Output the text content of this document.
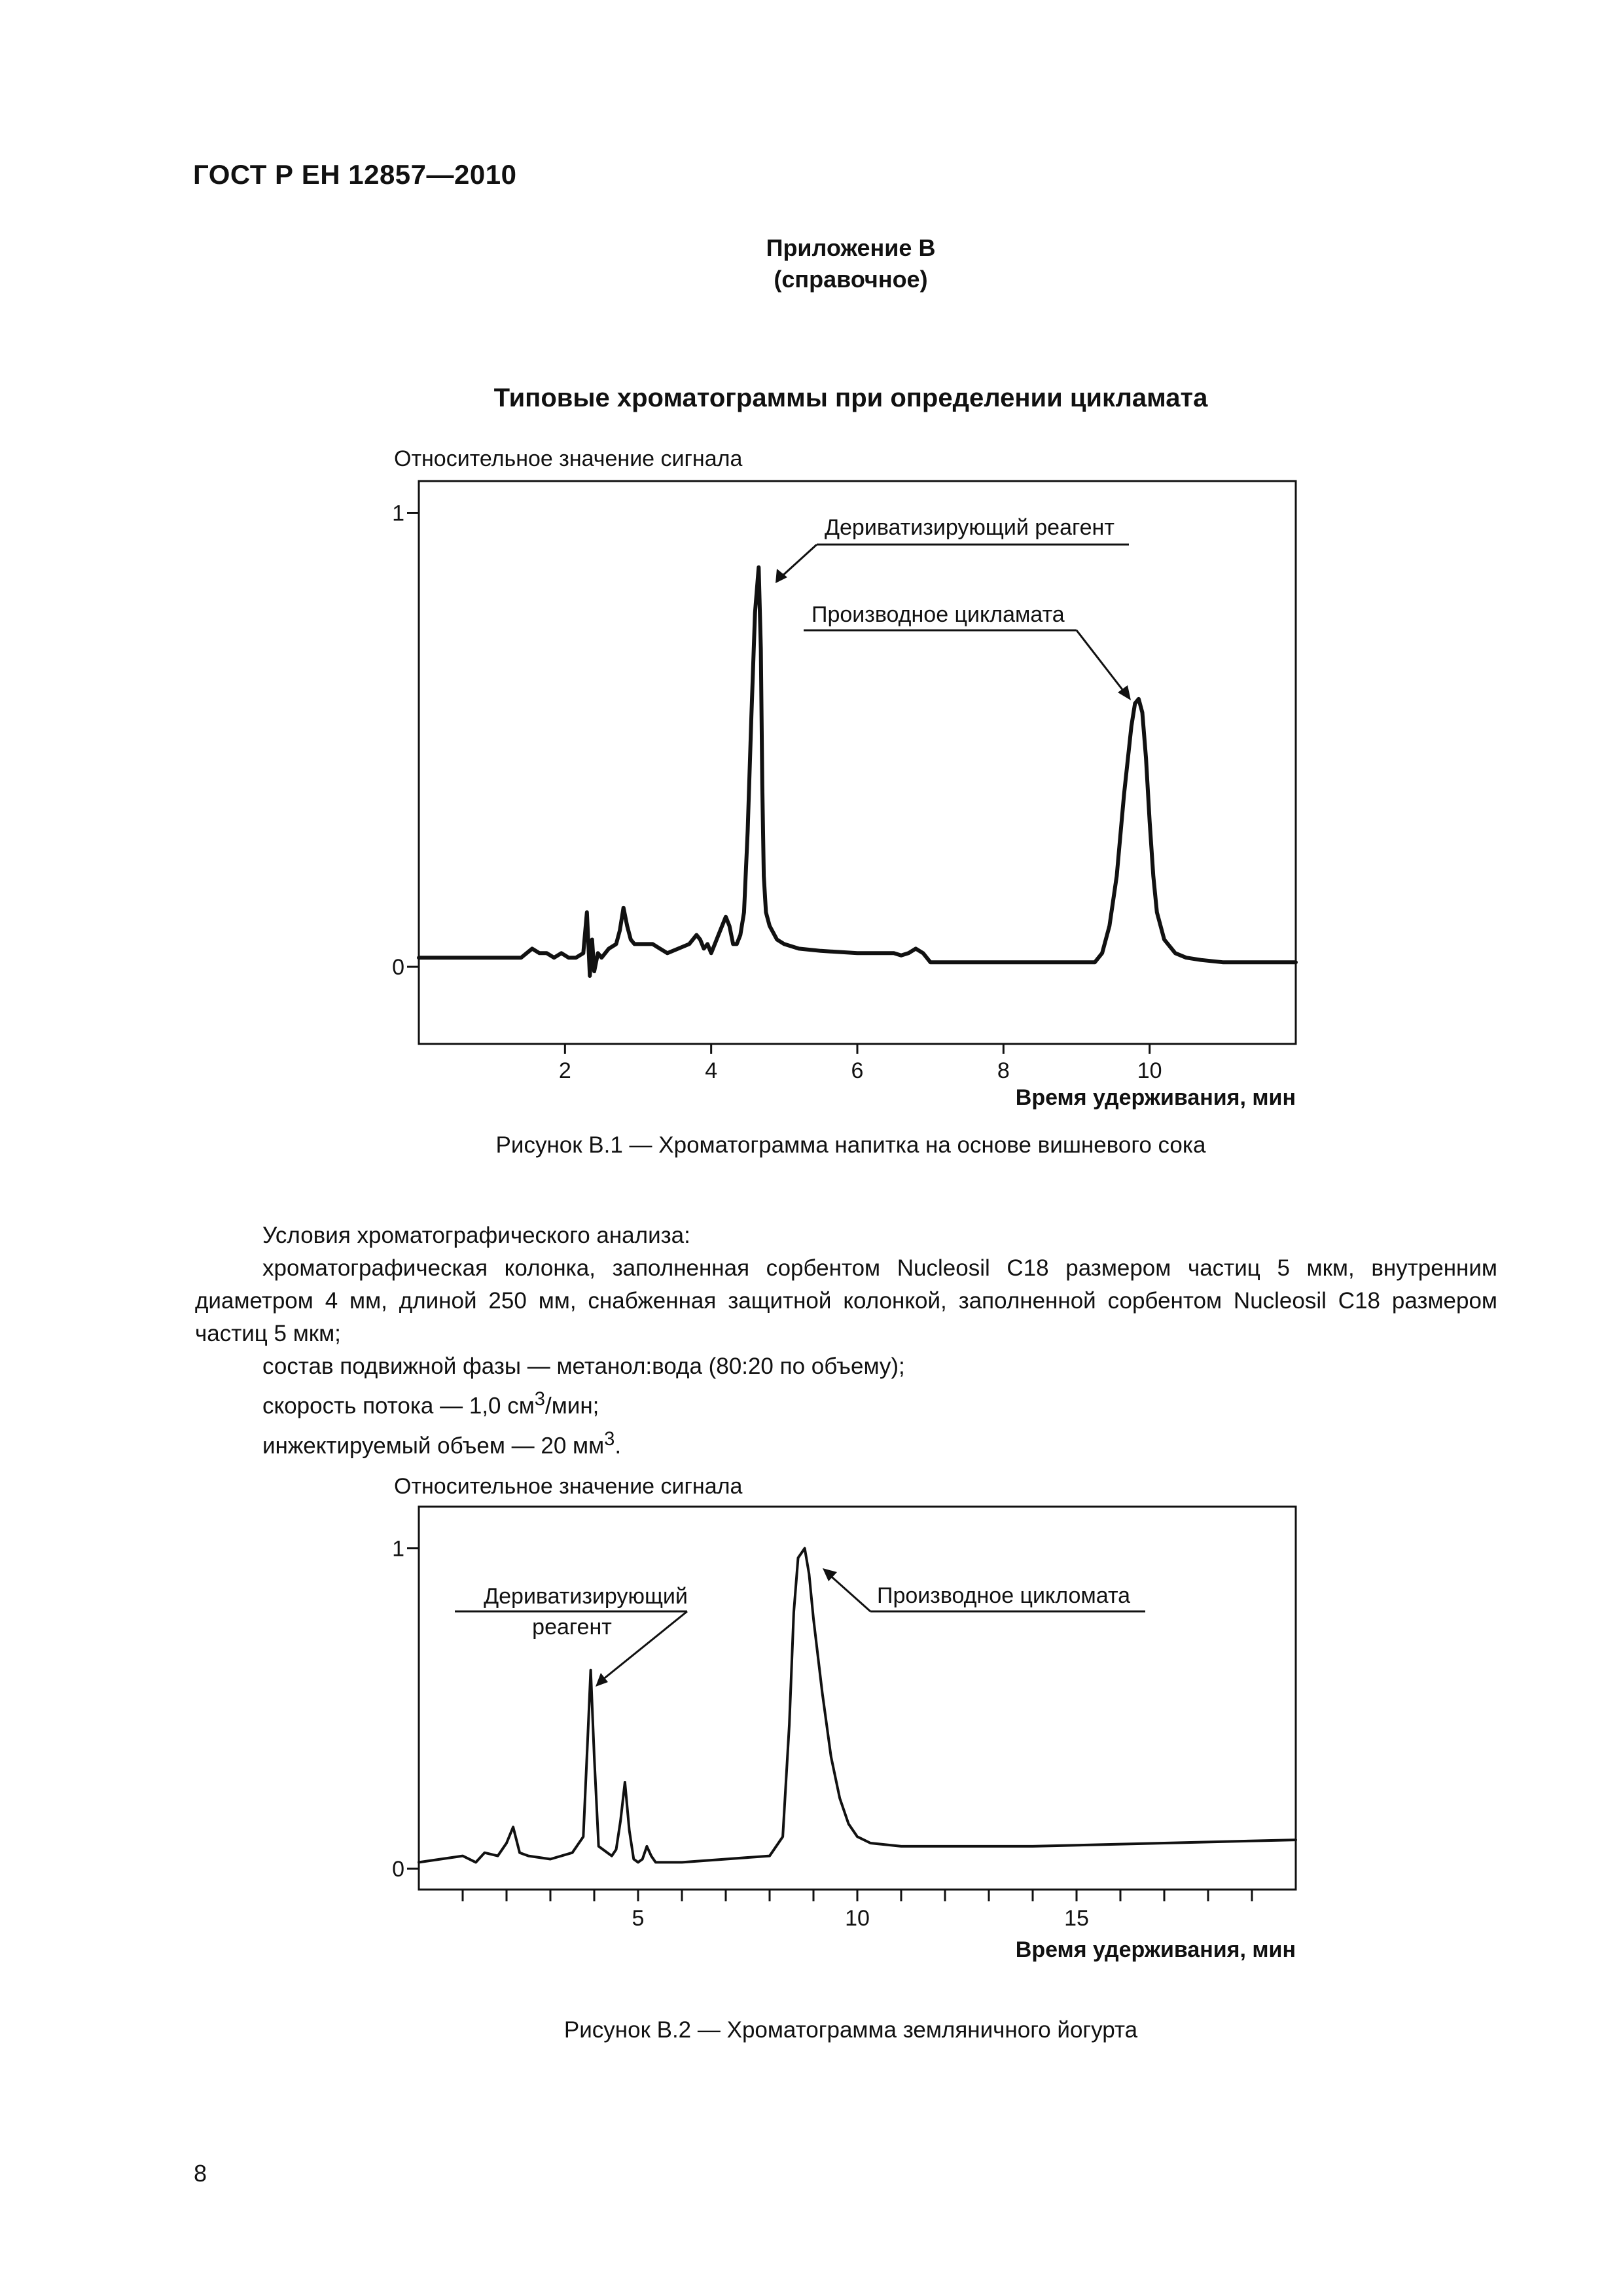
ГОСТ Р ЕН 12857—2010
Приложение В
(справочное)
Типовые хроматограммы при определении цикламата
Относительное значение сигнала
2	4	6	8	10
0
1
Дериватизирующий реагент
Производное цикламата
Время удерживания, мин
Рисунок В.1 — Хроматограмма напитка на основе вишневого сока

Условия хроматографического анализа:

хроматографическая колонка, заполненная сорбентом Nucleosil C18 размером частиц 5 мкм, внутренним диаметром 4 мм, длиной 250 мм, снабженная защитной колонкой, заполненной сорбентом Nucleosil C18 размером частиц 5 мкм;

состав подвижной фазы — метанол:вода (80:20 по объему);

скорость потока — 1,0 $см^3$/мин;

инжектируемый объем — 20 $мм^3$.

Относительное значение сигнала
5	10	15
0
1
Дериватизирующий
реагент
Производное цикломата
Время удерживания, мин
Рисунок В.2 — Хроматограмма земляничного йогурта
8
